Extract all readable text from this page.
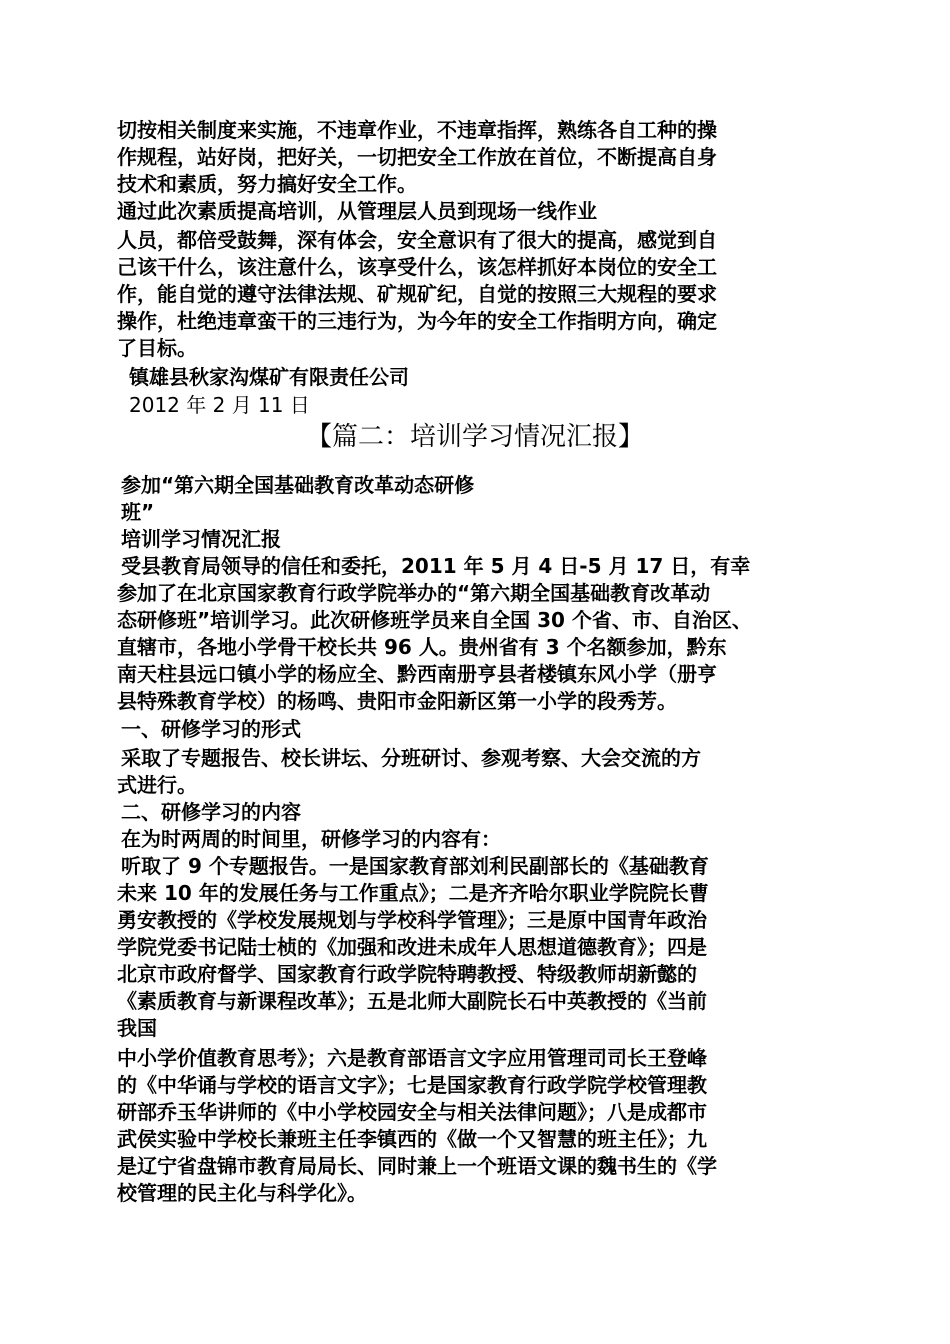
切按相关制度来实施，不违章作业，不违章指挥，熟练各自工种的操
作规程，站好岗，把好关，一切把安全工作放在首位，不断提高自身
技术和素质，努力搞好安全工作。
通过此次素质提高培训，从管理层人员到现场一线作业
人员，都倍受鼓舞，深有体会，安全意识有了很大的提高，感觉到自
己该干什么，该注意什么，该享受什么，该怎样抓好本岗位的安全工
作，能自觉的遵守法律法规、矿规矿纪，自觉的按照三大规程的要求
操作，杜绝违章蛮干的三违行为，为今年的安全工作指明方向，确定
了目标。
镇雄县秋家沟煤矿有限责任公司
2012 年 2 月 11 日
【篇二：培训学习情况汇报】
参加“第六期全国基础教育改革动态研修
班”
培训学习情况汇报
受县教育局领导的信任和委托，2011 年 5 月 4 日-5 月 17 日，有幸
参加了在北京国家教育行政学院举办的“第六期全国基础教育改革动
态研修班”培训学习。此次研修班学员来自全国 30 个省、市、自治区、
直辖市，各地小学骨干校长共 96 人。贵州省有 3 个名额参加，黔东
南天柱县远口镇小学的杨应全、黔西南册亨县者楼镇东风小学（册亨
县特殊教育学校）的杨鸣、贵阳市金阳新区第一小学的段秀芳。
一、研修学习的形式
采取了专题报告、校长讲坛、分班研讨、参观考察、大会交流的方
式进行。
二、研修学习的内容
在为时两周的时间里，研修学习的内容有：
听取了 9 个专题报告。一是国家教育部刘利民副部长的《基础教育
未来 10 年的发展任务与工作重点》；二是齐齐哈尔职业学院院长曹
勇安教授的《学校发展规划与学校科学管理》；三是原中国青年政治
学院党委书记陆士桢的《加强和改进未成年人思想道德教育》；四是
北京市政府督学、国家教育行政学院特聘教授、特级教师胡新懿的
《素质教育与新课程改革》；五是北师大副院长石中英教授的《当前
我国
中小学价值教育思考》；六是教育部语言文字应用管理司司长王登峰
的《中华诵与学校的语言文字》；七是国家教育行政学院学校管理教
研部乔玉华讲师的《中小学校园安全与相关法律问题》；八是成都市
武侯实验中学校长兼班主任李镇西的《做一个又智慧的班主任》；九
是辽宁省盘锦市教育局局长、同时兼上一个班语文课的魏书生的《学
校管理的民主化与科学化》。
